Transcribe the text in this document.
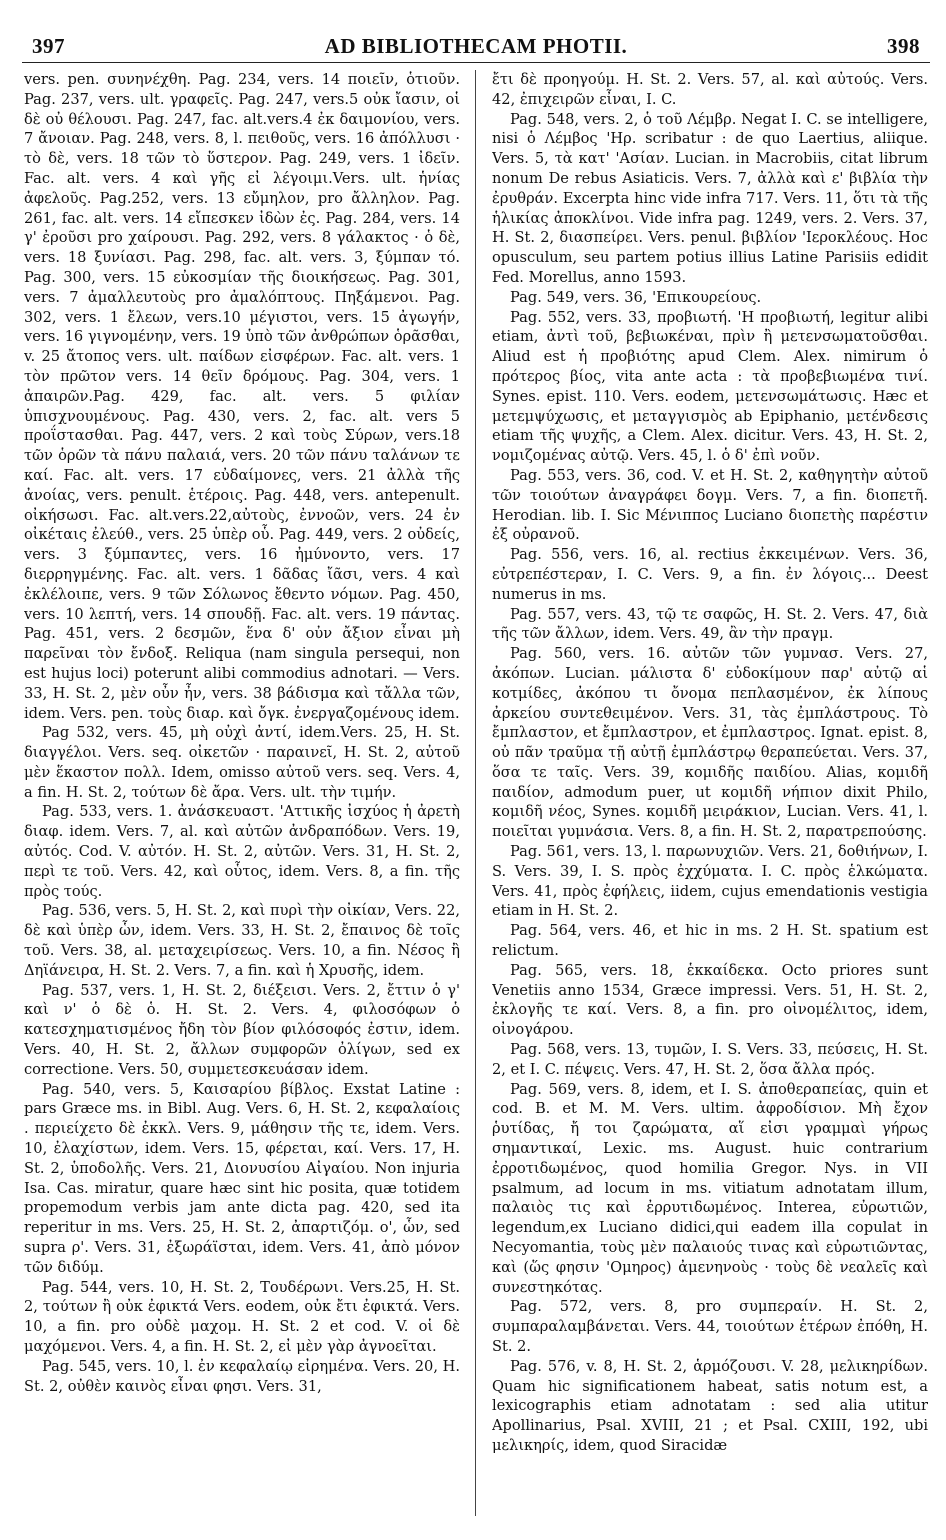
397	AD BIBLIOTHECAM PHOTII.	398

vers. pen. συνηνέχθη. Pag. 234, vers. 14 ποιεῖν, ὁτιοῦν. Pag. 237, vers. ult. γραφεῖς. Pag. 247, vers.5 οὐκ ἴασιν, οἱ δὲ οὐ θέλουσι. Pag. 247, fac. alt.vers.4 ἐκ δαιμονίου, vers. 7 ἄνοιαν. Pag. 248, vers. 8, l. πειθοῦς, vers. 16 ἀπόλλυσι · τὸ δὲ, vers. 18 τῶν τὸ ὕστερον. Pag. 249, vers. 1 ἰδεῖν. Fac. alt. vers. 4 καὶ γῆς εἰ λέγοιμι.Vers. ult. ἡνίας ἀφελοῦς. Pag.252, vers. 13 εὔμηλον, pro ἄλληλον. Pag. 261, fac. alt. vers. 14 εἴπεσκεν ἰδὼν ἐς. Pag. 284, vers. 14 γ' ἐροῦσι pro χαίρουσι. Pag. 292, vers. 8 γάλακτος · ὁ δὲ, vers. 18 ξυνίασι. Pag. 298, fac. alt. vers. 3, ξύμπαν τό. Pag. 300, vers. 15 εὐκοσμίαν τῆς διοικήσεως. Pag. 301, vers. 7 ἀμαλλευτοὺς pro ἀμαλόπτους. Πηξάμενοι. Pag. 302, vers. 1 ἔλεων, vers.10 μέγιστοι, vers. 15 ἀγωγήν, vers. 16 γιγνομένην, vers. 19 ὑπὸ τῶν ἀνθρώπων ὁρᾶσθαι, v. 25 ἄτοπος vers. ult. παίδων εἰσφέρων. Fac. alt. vers. 1 τὸν πρῶτον vers. 14 θεῖν δρόμους. Pag. 304, vers. 1 ἀπαιρῶν.Pag. 429, fac. alt. vers. 5 φιλίαν ὑπισχνουμένους. Pag. 430, vers. 2, fac. alt. vers 5 προΐστασθαι. Pag. 447, vers. 2 καὶ τοὺς Σύρων, vers.18 τῶν ὁρῶν τὰ πάνυ παλαιά, vers. 20 τῶν πάνυ ταλάνων τε καί. Fac. alt. vers. 17 εὐδαίμονες, vers. 21 ἀλλὰ τῆς ἀνοίας, vers. penult. ἑτέροις. Pag. 448, vers. antepenult. οἰκήσωσι. Fac. alt.vers.22,αὐτοὺς, ἐννοῶν, vers. 24 ἐν οἰκέταις ἐλεύθ., vers. 25 ὑπὲρ οὗ. Pag. 449, vers. 2 οὐδείς, vers. 3 ξύμπαντες, vers. 16 ἠμύνοντο, vers. 17 διερρηγμένης. Fac. alt. vers. 1 δᾶδας ἴᾶσι, vers. 4 καὶ ἐκλέλοιπε, vers. 9 τῶν Σόλωνος ἔθεντο νόμων. Pag. 450, vers. 10 λεπτή, vers. 14 σπουδῇ. Fac. alt. vers. 19 πάντας. Pag. 451, vers. 2 δεσμῶν, ἕνα δ' οὐν ἄξιον εἶναι μὴ παρεῖναι τὸν ἔνδοξ. Reliqua (nam singula persequi, non est hujus loci) poterunt alibi commodius adnotari. — Vers. 33, H. St. 2, μὲν οὖν ἦν, vers. 38 βάδισμα καὶ τἄλλα τῶν, idem. Vers. pen. τοὺς διαρ. καὶ ὄγκ. ἐνεργαζομένους idem.

Pag 532, vers. 45, μὴ οὐχὶ ἀντί, idem.Vers. 25, H. St. διαγγέλοι. Vers. seq. οἰκετῶν · παραινεῖ, H. St. 2, αὐτοῦ μὲν ἕκαστον πολλ. Idem, omisso αὐτοῦ vers. seq. Vers. 4, a fin. H. St. 2, τούτων δὲ ἄρα. Vers. ult. τὴν τιμήν.

Pag. 533, vers. 1. ἀνάσκευαστ. 'Αττικῆς ἰσχύος ἡ ἀρετὴ διαφ. idem. Vers. 7, al. καὶ αὐτῶν ἀνδραπόδων. Vers. 19, αὐτός. Cod. V. αὐτόν. H. St. 2, αὐτῶν. Vers. 31, H. St. 2, περὶ τε τοῦ. Vers. 42, καὶ οὗτος, idem. Vers. 8, a fin. τῆς πρὸς τούς.

Pag. 536, vers. 5, H. St. 2, καὶ πυρὶ τὴν οἰκίαν, Vers. 22, δὲ καὶ ὑπὲρ ὧν, idem. Vers. 33, H. St. 2, ἔπαινος δὲ τοῖς τοῦ. Vers. 38, al. μεταχειρίσεως. Vers. 10, a fin. Νέσος ἢ Δηϊάνειρα, H. St. 2. Vers. 7, a fin. καὶ ἡ Χρυσῆς, idem.

Pag. 537, vers. 1, H. St. 2, διέξεισι. Vers. 2, ἔττιν ὁ γ' καὶ ν' ὁ δὲ ὁ. H. St. 2. Vers. 4, φιλοσόφων ὁ κατεσχηματισμένος ἤδη τὸν βίον φιλόσοφός ἐστιν, idem. Vers. 40, H. St. 2, ἄλλων συμφορῶν ὀλίγων, sed ex correctione. Vers. 50, συμμετεσκευάσαν idem.

Pag. 540, vers. 5, Καισαρίου βίβλος. Exstat Latine : pars Græce ms. in Bibl. Aug. Vers. 6, H. St. 2, κεφαλαίοις . περιείχετο δὲ ἐκκλ. Vers. 9, μάθησιν τῆς τε, idem. Vers. 10, ἐλαχίστων, idem. Vers. 15, φέρεται, καί. Vers. 17, H. St. 2, ὑποδολῆς. Vers. 21, Διονυσίου Αἰγαίου. Non injuria Isa. Cas. miratur, quare hæc sint hic posita, quæ totidem propemodum verbis jam ante dicta pag. 420, sed ita reperitur in ms. Vers. 25, H. St. 2, ἀπαρτιζόμ. ο', ὧν, sed supra ρ'. Vers. 31, ἐξωράϊσται, idem. Vers. 41, ἀπὸ μόνον τῶν διδύμ.

Pag. 544, vers. 10, H. St. 2, Τουδέρωνι. Vers.25, H. St. 2, τούτων ἢ οὐκ ἐφικτά Vers. eodem, οὐκ ἔτι ἐφικτά. Vers. 10, a fin. pro οὐδὲ μαχομ. H. St. 2 et cod. V. οἱ δὲ μαχόμενοι. Vers. 4, a fin. H. St. 2, εἰ μὲν γὰρ ἀγνοεῖται.

Pag. 545, vers. 10, l. ἐν κεφαλαίῳ εἰρημένα. Vers. 20, H. St. 2, οὐθὲν καινὸς εἶναι φησι. Vers. 31,

ἔτι δὲ προηγούμ. H. St. 2. Vers. 57, al. καὶ αὐτούς. Vers. 42, ἐπιχειρῶν εἶναι, I. C.

Pag. 548, vers. 2, ὁ τοῦ Λέμβρ. Negat I. C. se intelligere, nisi ὁ Λέμβος 'Ηρ. scribatur : de quo Laertius, aliique. Vers. 5, τὰ κατ' 'Ασίαν. Lucian. in Macrobiis, citat librum nonum De rebus Asiaticis. Vers. 7, ἀλλὰ καὶ ε' βιβλία τὴν ἐρυθράν. Excerpta hinc vide infra 717. Vers. 11, ὅτι τὰ τῆς ἡλικίας ἀποκλίνοι. Vide infra pag. 1249, vers. 2. Vers. 37, H. St. 2, διασπείρει. Vers. penul. βιβλίον 'Ιεροκλέους. Hoc opusculum, seu partem potius illius Latine Parisiis edidit Fed. Morellus, anno 1593.

Pag. 549, vers. 36, 'Επικουρείους.

Pag. 552, vers. 33, προβιωτή. 'Η προβιωτή, legitur alibi etiam, ἀντὶ τοῦ, βεβιωκέναι, πρὶν ἢ μετενσωματοῦσθαι. Aliud est ἡ προβιότης apud Clem. Alex. nimirum ὁ πρότερος βίος, vita ante acta : τὰ προβεβιωμένα τινί. Synes. epist. 110. Vers. eodem, μετενσωμάτωσις. Hæc et μετεμψύχωσις, et μεταγγισμὸς ab Epiphanio, μετένδεσις etiam τῆς ψυχῆς, a Clem. Alex. dicitur. Vers. 43, H. St. 2, νομιζομένας αὐτῷ. Vers. 45, l. ὁ δ' ἐπὶ νοῦν.

Pag. 553, vers. 36, cod. V. et H. St. 2, καθηγητὴν αὐτοῦ τῶν τοιούτων ἀναγράφει δογμ. Vers. 7, a fin. διοπετῆ. Herodian. lib. I. Sic Μένιππος Luciano διοπετὴς παρέστιν ἐξ οὐρανοῦ.

Pag. 556, vers. 16, al. rectius ἐκκειμένων. Vers. 36, εὐτρεπέστεραν, I. C. Vers. 9, a fin. ἐν λόγοις... Deest numerus in ms.

Pag. 557, vers. 43, τῷ τε σαφῶς, H. St. 2. Vers. 47, διὰ τῆς τῶν ἄλλων, idem. Vers. 49, ἂν τὴν πραγμ.

Pag. 560, vers. 16. αὐτῶν τῶν γυμνασ. Vers. 27, ἀκόπων. Lucian. μάλιστα δ' εὐδοκίμουν παρ' αὐτῷ αἱ κοτμίδες, ἀκόπου τι ὄνομα πεπλασμένον, ἐκ λίπους ἀρκείου συντεθειμένον. Vers. 31, τὰς ἐμπλάστρους. Τὸ ἔμπλαστον, et ἔμπλαστρον, et ἐμπλαστρος. Ignat. epist. 8, οὐ πᾶν τραῦμα τῇ αὐτῇ ἐμπλάστρῳ θεραπεύεται. Vers. 37, ὅσα τε ταῖς. Vers. 39, κομιδῆς παιδίου. Alias, κομιδῆ παιδίον, admodum puer, ut κομιδῆ νήπιον dixit Philo, κομιδῆ νέος, Synes. κομιδῆ μειράκιον, Lucian. Vers. 41, l. ποιεῖται γυμνάσια. Vers. 8, a fin. H. St. 2, παρατρεπούσης.

Pag. 561, vers. 13, l. παρωνυχιῶν. Vers. 21, δοθιήνων, I. S. Vers. 39, I. S. πρὸς ἐχχύματα. I. C. πρὸς ἑλκώματα. Vers. 41, πρὸς ἐφήλεις, iidem, cujus emendationis vestigia etiam in H. St. 2.

Pag. 564, vers. 46, et hic in ms. 2 H. St. spatium est relictum.

Pag. 565, vers. 18, ἑκκαίδεκα. Octo priores sunt Venetiis anno 1534, Græce impressi. Vers. 51, H. St. 2, ἐκλογῆς τε καί. Vers. 8, a fin. pro οἰνομέλιτος, idem, οἰνογάρου.

Pag. 568, vers. 13, τυμῶν, I. S. Vers. 33, πεύσεις, H. St. 2, et I. C. πέψεις. Vers. 47, H. St. 2, ὅσα ἄλλα πρός.

Pag. 569, vers. 8, idem, et I. S. ἀποθεραπείας, quin et cod. B. et M. M. Vers. ultim. ἀφροδίσιον. Μὴ ἔχον ῥυτίδας, ἤ τοι ζαρώματα, αἵ εἰσι γραμμαὶ γήρως σημαντικαί, Lexic. ms. August. huic contrarium ἐρροτιδωμένος, quod homilia Gregor. Nys. in VII psalmum, ad locum in ms. vitiatum adnotatam illum, παλαιὸς τις καὶ ἐρρυτιδωμένος. Interea, εὐρωτιῶν, legendum,ex Luciano didici,qui eadem illa copulat in Necyomantia, τοὺς μὲν παλαιούς τινας καὶ εὐρωτιῶντας, καὶ (ὥς φησιν 'Ομηρος) ἀμενηνοὺς · τοὺς δὲ νεαλεῖς καὶ συνεστηκότας.

Pag. 572, vers. 8, pro συμπεραίν. H. St. 2, συμπαραλαμβάνεται. Vers. 44, τοιούτων ἑτέρων ἐπόθη, H. St. 2.

Pag. 576, v. 8, H. St. 2, ἁρμόζουσι. V. 28, μελικηρίδων. Quam hic significationem habeat, satis notum est, a lexicographis etiam adnotatam : sed alia utitur Apollinarius, Psal. XVIII, 21 ; et Psal. CXIII, 192, ubi μελικηρίς, idem, quod Siracidæ
